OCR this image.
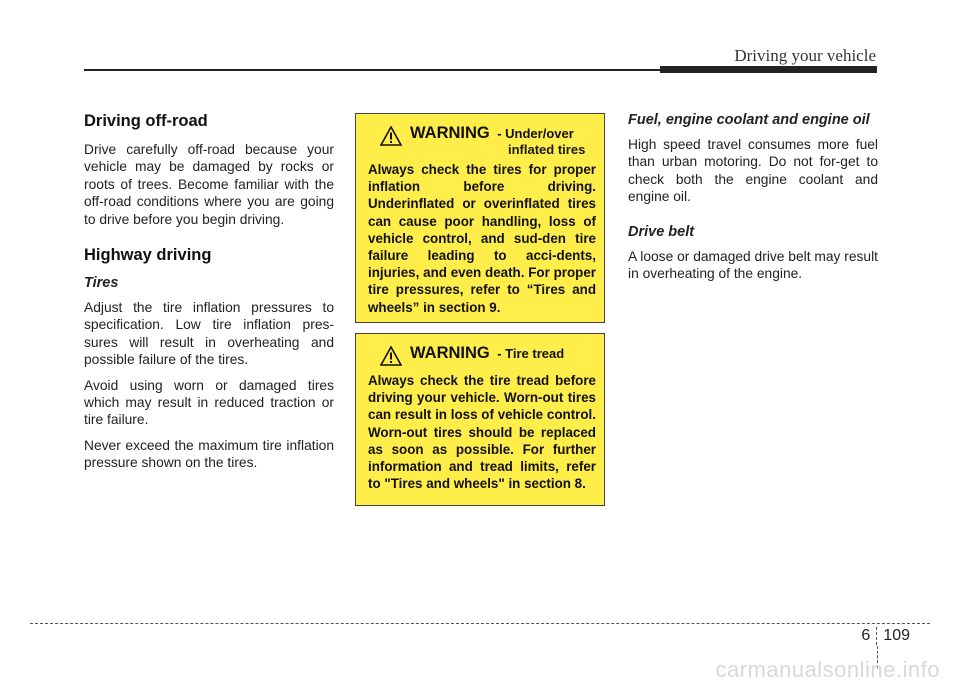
Driving your vehicle
Driving off-road

Drive carefully off-road because your vehicle may be damaged by rocks or roots of trees. Become familiar with the off-road conditions where you are going to drive before you begin driving.

Highway driving
Tires

Adjust the tire inflation pressures to specification. Low tire inflation pres-sures will result in overheating and possible failure of the tires.

Avoid using worn or damaged tires which may result in reduced traction or tire failure.

Never exceed the maximum tire inflation pressure shown on the tires.

WARNING - Under/over
inflated tires
Always check the tires for proper inflation before driving. Underinflated or overinflated tires can cause poor handling, loss of vehicle control, and sud-den tire failure leading to acci-dents, injuries, and even death. For proper tire pressures, refer to “Tires and wheels” in section 9.
WARNING - Tire tread
Always check the tire tread before driving your vehicle. Worn-out tires can result in loss of vehicle control. Worn-out tires should be replaced as soon as possible. For further information and tread limits, refer to "Tires and wheels" in section 8.
Fuel, engine coolant and engine oil

High speed travel consumes more fuel than urban motoring. Do not for-get to check both the engine coolant and engine oil.

Drive belt

A loose or damaged drive belt may result in overheating of the engine.

6 109
carmanualsonline.info
